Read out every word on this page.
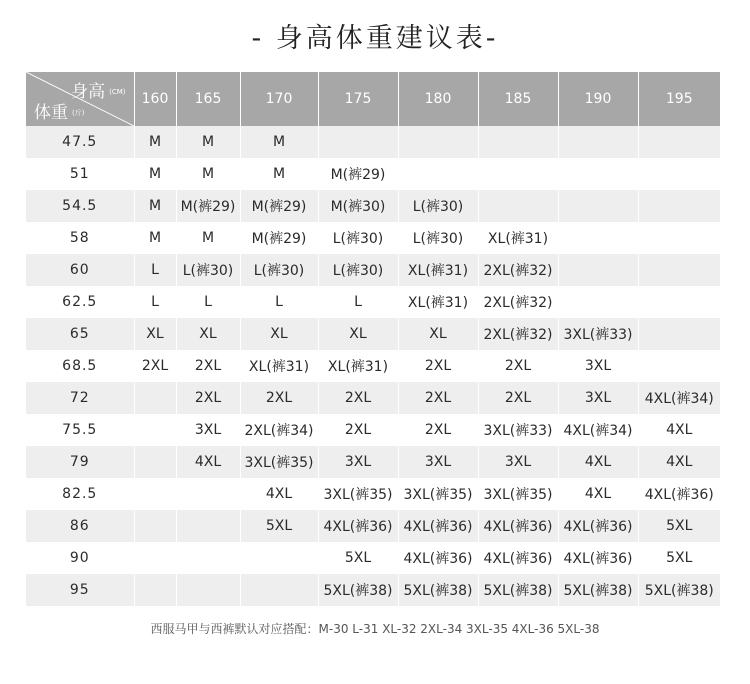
- 身高体重建议表-
身高 (CM)
体重 (斤)	160	165	170	175	180	185	190	195
47.5	M	M	M					
51	M	M	M	M(裤29)				
54.5	M	M(裤29)	M(裤29)	M(裤30)	L(裤30)			
58	M	M	M(裤29)	L(裤30)	L(裤30)	XL(裤31)		
60	L	L(裤30)	L(裤30)	L(裤30)	XL(裤31)	2XL(裤32)		
62.5	L	L	L	L	XL(裤31)	2XL(裤32)		
65	XL	XL	XL	XL	XL	2XL(裤32)	3XL(裤33)	
68.5	2XL	2XL	XL(裤31)	XL(裤31)	2XL	2XL	3XL	
72		2XL	2XL	2XL	2XL	2XL	3XL	4XL(裤34)
75.5		3XL	2XL(裤34)	2XL	2XL	3XL(裤33)	4XL(裤34)	4XL
79		4XL	3XL(裤35)	3XL	3XL	3XL	4XL	4XL
82.5			4XL	3XL(裤35)	3XL(裤35)	3XL(裤35)	4XL	4XL(裤36)
86			5XL	4XL(裤36)	4XL(裤36)	4XL(裤36)	4XL(裤36)	5XL
90				5XL	4XL(裤36)	4XL(裤36)	4XL(裤36)	5XL
95				5XL(裤38)	5XL(裤38)	5XL(裤38)	5XL(裤38)	5XL(裤38)
西服马甲与西裤默认对应搭配：M-30 L-31 XL-32 2XL-34 3XL-35 4XL-36 5XL-38
